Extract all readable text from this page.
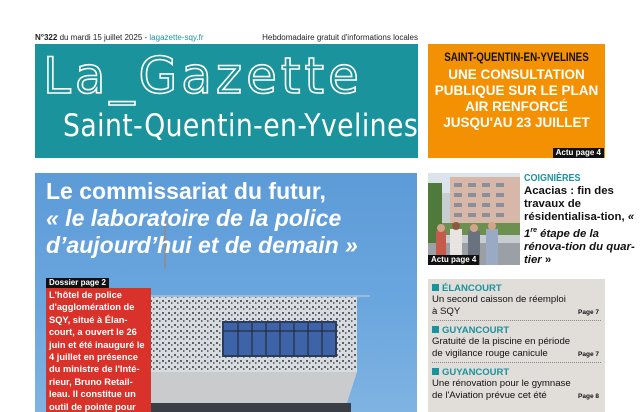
N°322 du mardi 15 juillet 2025 - lagazette-sqy.fr	Hebdomadaire gratuit d'informations locales
La_Gazette
Saint-Quentin-en-Yvelines
SAINT-QUENTIN-EN-YVELINES
UNE CONSULTATION PUBLIQUE SUR LE PLAN AIR RENFORCÉ JUSQU'AU 23 JUILLET
Actu page 4
Le commissariat du futur,
« le laboratoire de la police d’aujourd’hui et de demain »
Dossier page 2
L'hôtel de police d'agglomération de SQY, situé à Élan-court, a ouvert le 26 juin et été inauguré le 4 juillet en présence du ministre de l'Inté-rieur, Bruno Retail-leau. Il constitue un outil de pointe pour
Actu page 4
COIGNIÈRES
Acacias : fin des travaux de résidentialisa-tion, « 1re étape de la rénova-tion du quar-tier »
ÉLANCOURT
Un second caisson de réemploi à SQY	Page 7
GUYANCOURT
Gratuité de la piscine en période de vigilance rouge canicule	Page 7
GUYANCOURT
Une rénovation pour le gymnase de l'Aviation prévue cet été	Page 8
